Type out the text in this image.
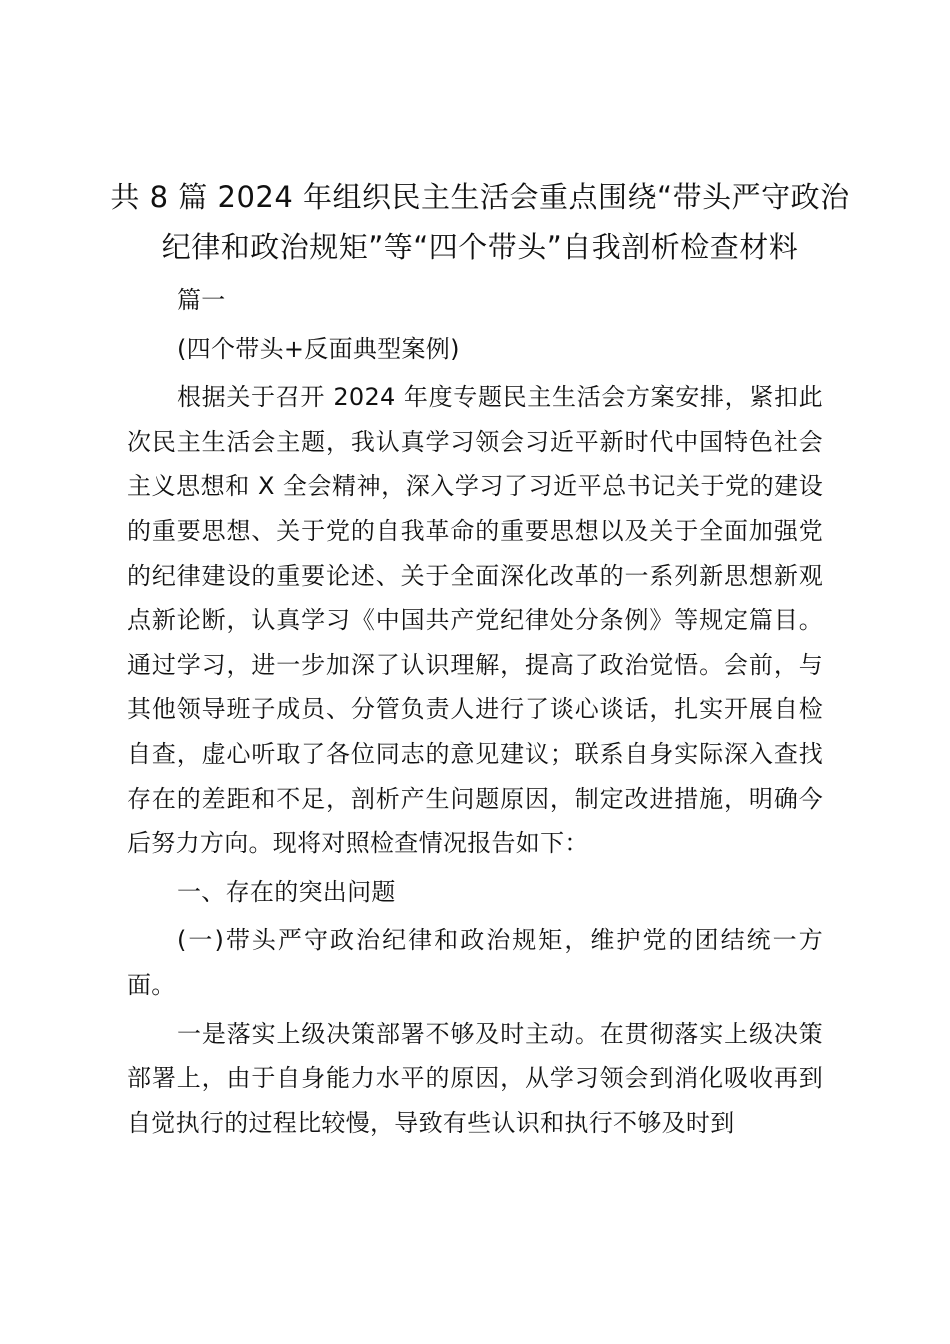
共 8 篇 2024 年组织民主生活会重点围绕“带头严守政治纪律和政治规矩”等“四个带头”自我剖析检查材料

篇一

(四个带头+反面典型案例)

根据关于召开 2024 年度专题民主生活会方案安排，紧扣此次民主生活会主题，我认真学习领会习近平新时代中国特色社会主义思想和 X 全会精神，深入学习了习近平总书记关于党的建设的重要思想、关于党的自我革命的重要思想以及关于全面加强党的纪律建设的重要论述、关于全面深化改革的一系列新思想新观点新论断，认真学习《中国共产党纪律处分条例》等规定篇目。通过学习，进一步加深了认识理解，提高了政治觉悟。会前，与其他领导班子成员、分管负责人进行了谈心谈话，扎实开展自检自查，虚心听取了各位同志的意见建议；联系自身实际深入查找存在的差距和不足，剖析产生问题原因，制定改进措施，明确今后努力方向。现将对照检查情况报告如下：

一、存在的突出问题

(一)带头严守政治纪律和政治规矩，维护党的团结统一方面。

一是落实上级决策部署不够及时主动。在贯彻落实上级决策部署上，由于自身能力水平的原因，从学习领会到消化吸收再到自觉执行的过程比较慢，导致有些认识和执行不够及时到
